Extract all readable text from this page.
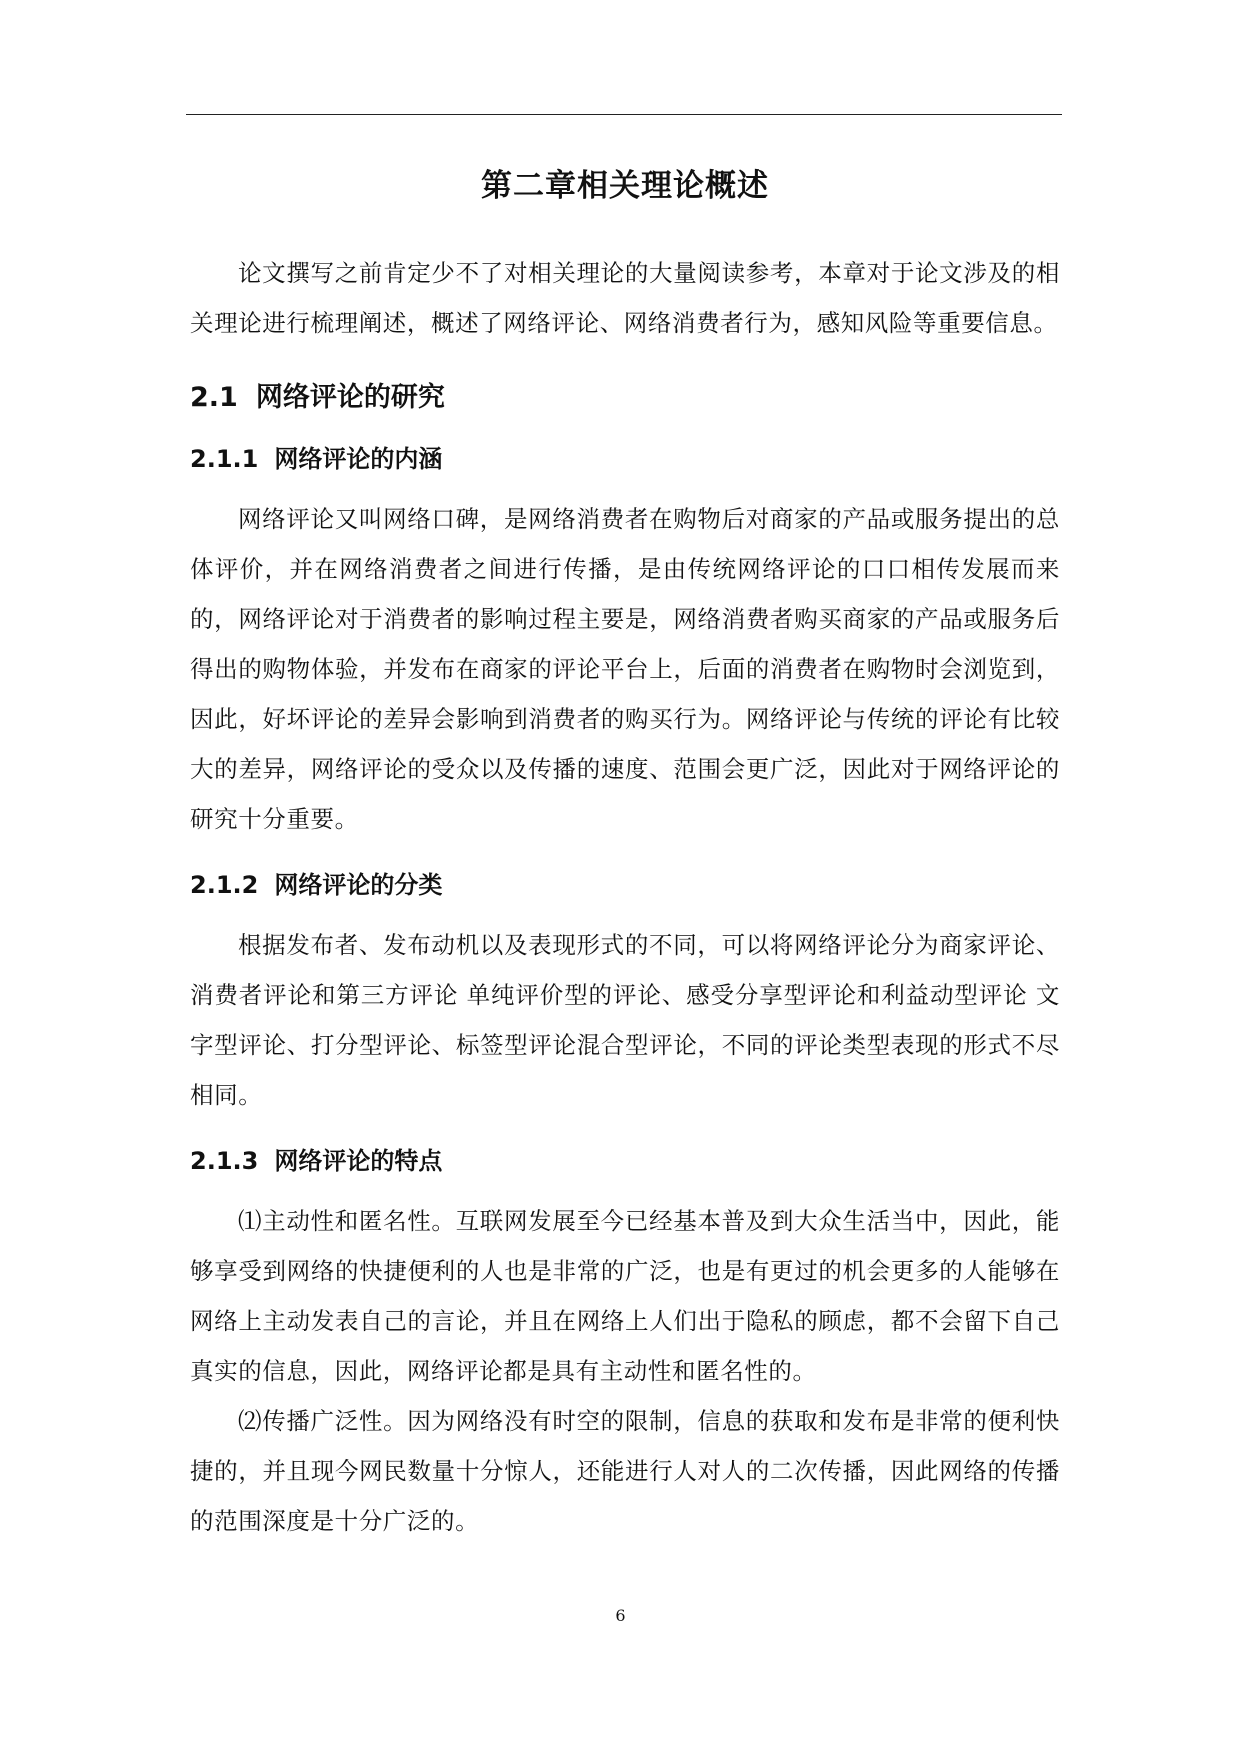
第二章相关理论概述

论文撰写之前肯定少不了对相关理论的大量阅读参考，本章对于论文涉及的相关理论进行梳理阐述，概述了网络评论、网络消费者行为，感知风险等重要信息。

2.1 网络评论的研究
2.1.1 网络评论的内涵

网络评论又叫网络口碑，是网络消费者在购物后对商家的产品或服务提出的总体评价，并在网络消费者之间进行传播，是由传统网络评论的口口相传发展而来的，网络评论对于消费者的影响过程主要是，网络消费者购买商家的产品或服务后得出的购物体验，并发布在商家的评论平台上，后面的消费者在购物时会浏览到，因此，好坏评论的差异会影响到消费者的购买行为。网络评论与传统的评论有比较大的差异，网络评论的受众以及传播的速度、范围会更广泛，因此对于网络评论的研究十分重要。

2.1.2 网络评论的分类

根据发布者、发布动机以及表现形式的不同，可以将网络评论分为商家评论、消费者评论和第三方评论 单纯评价型的评论、感受分享型评论和利益动型评论 文字型评论、打分型评论、标签型评论混合型评论，不同的评论类型表现的形式不尽相同。

2.1.3 网络评论的特点

⑴主动性和匿名性。互联网发展至今已经基本普及到大众生活当中，因此，能够享受到网络的快捷便利的人也是非常的广泛，也是有更过的机会更多的人能够在网络上主动发表自己的言论，并且在网络上人们出于隐私的顾虑，都不会留下自己真实的信息，因此，网络评论都是具有主动性和匿名性的。

⑵传播广泛性。因为网络没有时空的限制，信息的获取和发布是非常的便利快捷的，并且现今网民数量十分惊人，还能进行人对人的二次传播，因此网络的传播的范围深度是十分广泛的。

6
